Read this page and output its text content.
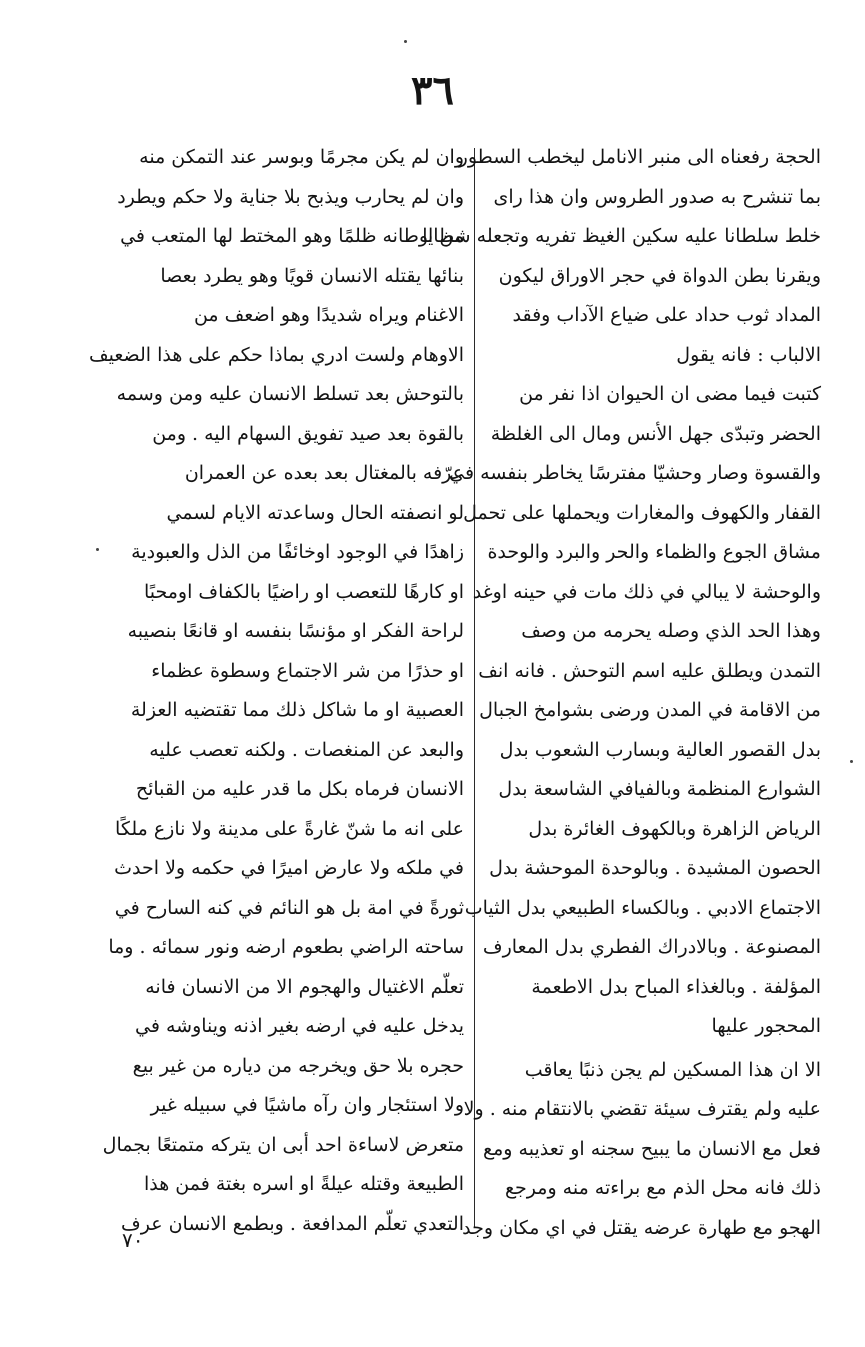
٣٦
الحجة رفعناه الى منبر الانامل ليخطب السطور
بما تنشرح به صدور الطروس وان هذا راى
خلط سلطانا عليه سكين الغيظ تفريه وتجعله شظايا
ويقرنا بطن الدواة في حجر الاوراق ليكون
المداد ثوب حداد على ضياع الآداب وفقد
الالباب : فانه يقول
كتبت فيما مضى ان الحيوان اذا نفر من
الحضر وتبدّى جهل الأنس ومال الى الغلظة
والقسوة وصار وحشيّا مفترسًا يخاطر بنفسه في
القفار والكهوف والمغارات ويحملها على تحمل
مشاق الجوع والظماء والحر والبرد والوحدة
والوحشة لا يبالي في ذلك مات في حينه اوغد
وهذا الحد الذي وصله يحرمه من وصف
التمدن ويطلق عليه اسم التوحش . فانه انف
من الاقامة في المدن ورضى بشوامخ الجبال
بدل القصور العالية وبسارب الشعوب بدل
الشوارع المنظمة وبالفيافي الشاسعة بدل
الرياض الزاهرة وبالكهوف الغائرة بدل
الحصون المشيدة . وبالوحدة الموحشة بدل
الاجتماع الادبي . وبالكساء الطبيعي بدل الثياب
المصنوعة . وبالادراك الفطري بدل المعارف
المؤلفة . وبالغذاء المباح بدل الاطعمة
المحجور عليها
الا ان هذا المسكين لم يجن ذنبًا يعاقب
عليه ولم يقترف سيئة تقضي بالانتقام منه . ولا
فعل مع الانسان ما يبيح سجنه او تعذيبه ومع
ذلك فانه محل الذم مع براءته منه ومرجع
الهجو مع طهارة عرضه يقتل في اي مكان وجد
وان لم يكن مجرمًا وبوسر عند التمكن منه
وان لم يحارب ويذبح بلا جناية ولا حكم ويطرد
من اوطانه ظلمًا وهو المختط لها المتعب في
بنائها يقتله الانسان قويًا وهو يطرد بعصا
الاغنام ويراه شديدًا وهو اضعف من
الاوهام ولست ادري بماذا حكم على هذا الضعيف
بالتوحش بعد تسلط الانسان عليه ومن وسمه
بالقوة بعد صيد تفويق السهام اليه . ومن
عرّفه بالمغتال بعد بعده عن العمران
لو انصفته الحال وساعدته الايام لسمي
زاهدًا في الوجود اوخائفًا من الذل والعبودية
او كارهًا للتعصب او راضيًا بالكفاف اومحبًا
لراحة الفكر او مؤنسًا بنفسه او قانعًا بنصيبه
او حذرًا من شر الاجتماع وسطوة عظماء
العصبية او ما شاكل ذلك مما تقتضيه العزلة
والبعد عن المنغصات . ولكنه تعصب عليه
الانسان فرماه بكل ما قدر عليه من القبائح
على انه ما شنّ غارةً على مدينة ولا نازع ملكًا
في ملكه ولا عارض اميرًا في حكمه ولا احدث
ثورةً في امة بل هو النائم في كنه السارح في
ساحته الراضي بطعوم ارضه ونور سمائه . وما
تعلّم الاغتيال والهجوم الا من الانسان فانه
يدخل عليه في ارضه بغير اذنه ويناوشه في
حجره بلا حق ويخرجه من دياره من غير بيع
ولا استئجار وان رآه ماشيًا في سبيله غير
متعرض لاساءة احد أبى ان يتركه متمتعًا بجمال
الطبيعة وقتله عيلةً او اسره بغتة فمن هذا
التعدي تعلّم المدافعة . وبطمع الانسان عرف
٧٠
